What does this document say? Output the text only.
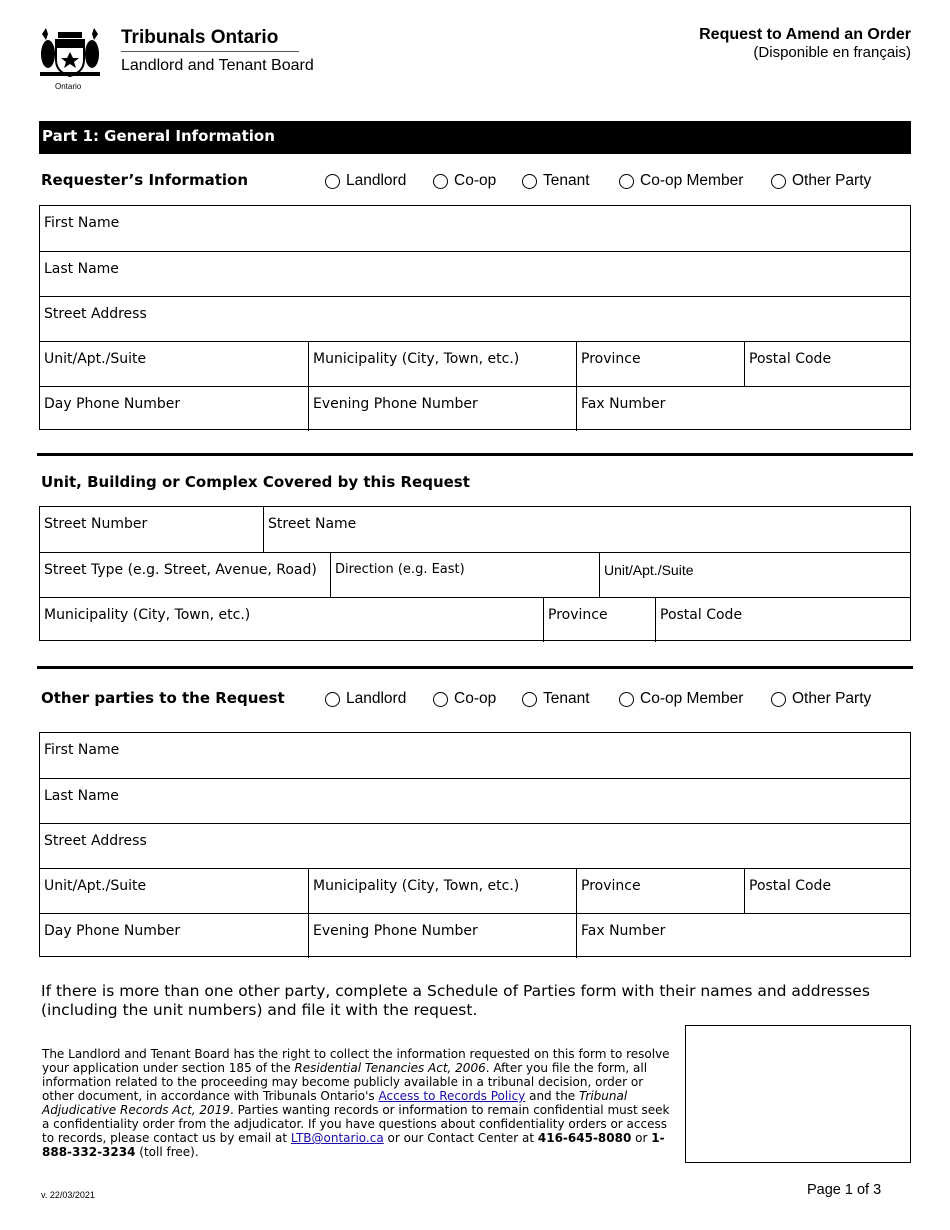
Ontario
Tribunals Ontario
Landlord and Tenant Board
Request to Amend an Order
(Disponible en français)
Part 1: General Information
Requester’s Information	Landlord	Co-op	Tenant	Co-op Member	Other Party
First Name
Last Name
Street Address
Unit/Apt./Suite	Municipality (City, Town, etc.)	Province	Postal Code
Day Phone Number	Evening Phone Number	Fax Number
Unit, Building or Complex Covered by this Request
Street Number	Street Name
Street Type (e.g. Street, Avenue, Road)	Direction (e.g. East)	Unit/Apt./Suite
Municipality (City, Town, etc.)	Province	Postal Code
Other parties to the Request	Landlord	Co-op	Tenant	Co-op Member	Other Party
First Name
Last Name
Street Address
Unit/Apt./Suite	Municipality (City, Town, etc.)	Province	Postal Code
Day Phone Number	Evening Phone Number	Fax Number
If there is more than one other party, complete a Schedule of Parties form with their names and addresses (including the unit numbers) and file it with the request.
The Landlord and Tenant Board has the right to collect the information requested on this form to resolve your application under section 185 of the Residential Tenancies Act, 2006. After you file the form, all information related to the proceeding may become publicly available in a tribunal decision, order or other document, in accordance with Tribunals Ontario's Access to Records Policy and the Tribunal Adjudicative Records Act, 2019. Parties wanting records or information to remain confidential must seek a confidentiality order from the adjudicator. If you have questions about confidentiality orders or access to records, please contact us by email at LTB@ontario.ca or our Contact Center at 416-645-8080 or 1-888-332-3234 (toll free).
v. 22/03/2021	Page 1 of 3
